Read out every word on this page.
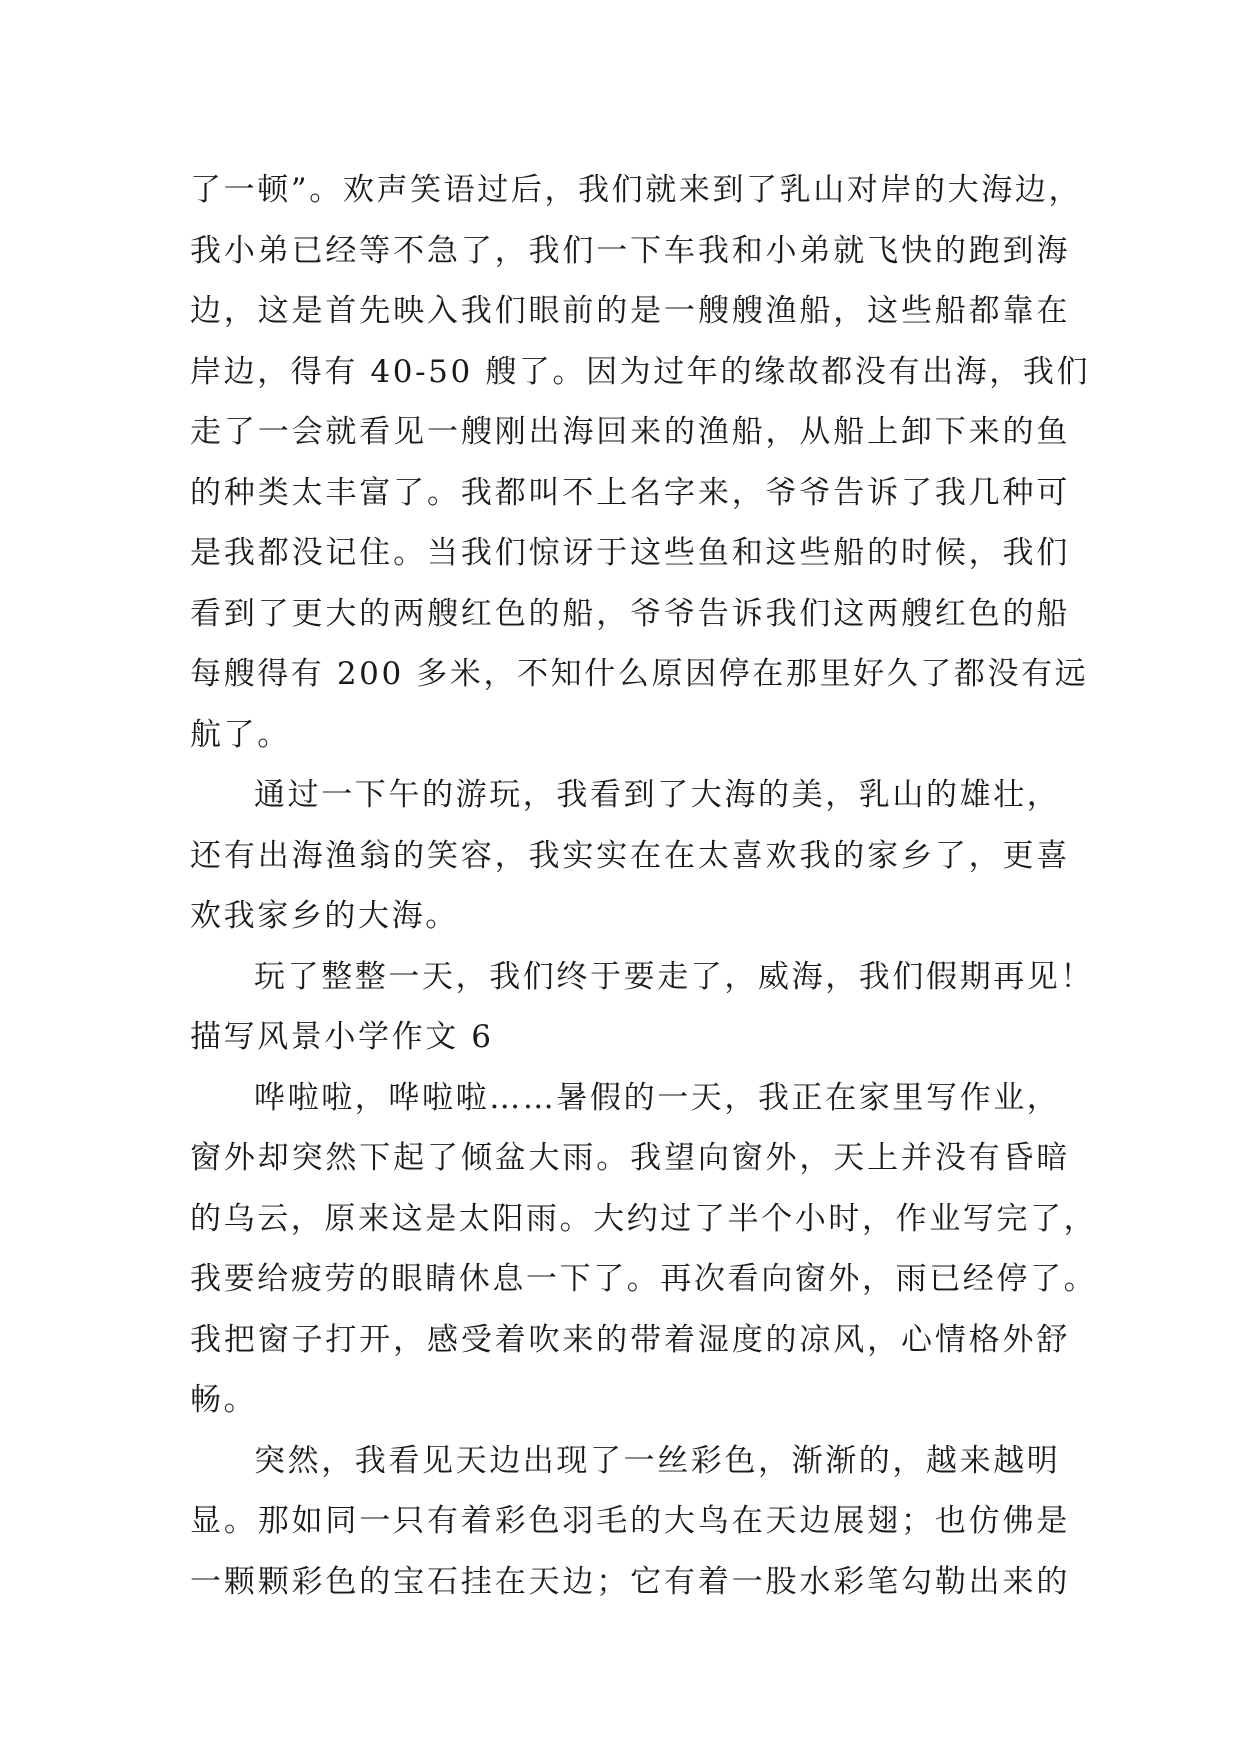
了一顿”。欢声笑语过后，我们就来到了乳山对岸的大海边，
我小弟已经等不急了，我们一下车我和小弟就飞快的跑到海
边，这是首先映入我们眼前的是一艘艘渔船，这些船都靠在
岸边，得有 40-50 艘了。因为过年的缘故都没有出海，我们
走了一会就看见一艘刚出海回来的渔船，从船上卸下来的鱼
的种类太丰富了。我都叫不上名字来，爷爷告诉了我几种可
是我都没记住。当我们惊讶于这些鱼和这些船的时候，我们
看到了更大的两艘红色的船，爷爷告诉我们这两艘红色的船
每艘得有 200 多米，不知什么原因停在那里好久了都没有远
航了。
通过一下午的游玩，我看到了大海的美，乳山的雄壮，
还有出海渔翁的笑容，我实实在在太喜欢我的家乡了，更喜
欢我家乡的大海。
玩了整整一天，我们终于要走了，威海，我们假期再见！
描写风景小学作文 6
哗啦啦，哗啦啦……暑假的一天，我正在家里写作业，
窗外却突然下起了倾盆大雨。我望向窗外，天上并没有昏暗
的乌云，原来这是太阳雨。大约过了半个小时，作业写完了，
我要给疲劳的眼睛休息一下了。再次看向窗外，雨已经停了。
我把窗子打开，感受着吹来的带着湿度的凉风，心情格外舒
畅。
突然，我看见天边出现了一丝彩色，渐渐的，越来越明
显。那如同一只有着彩色羽毛的大鸟在天边展翅；也仿佛是
一颗颗彩色的宝石挂在天边；它有着一股水彩笔勾勒出来的
